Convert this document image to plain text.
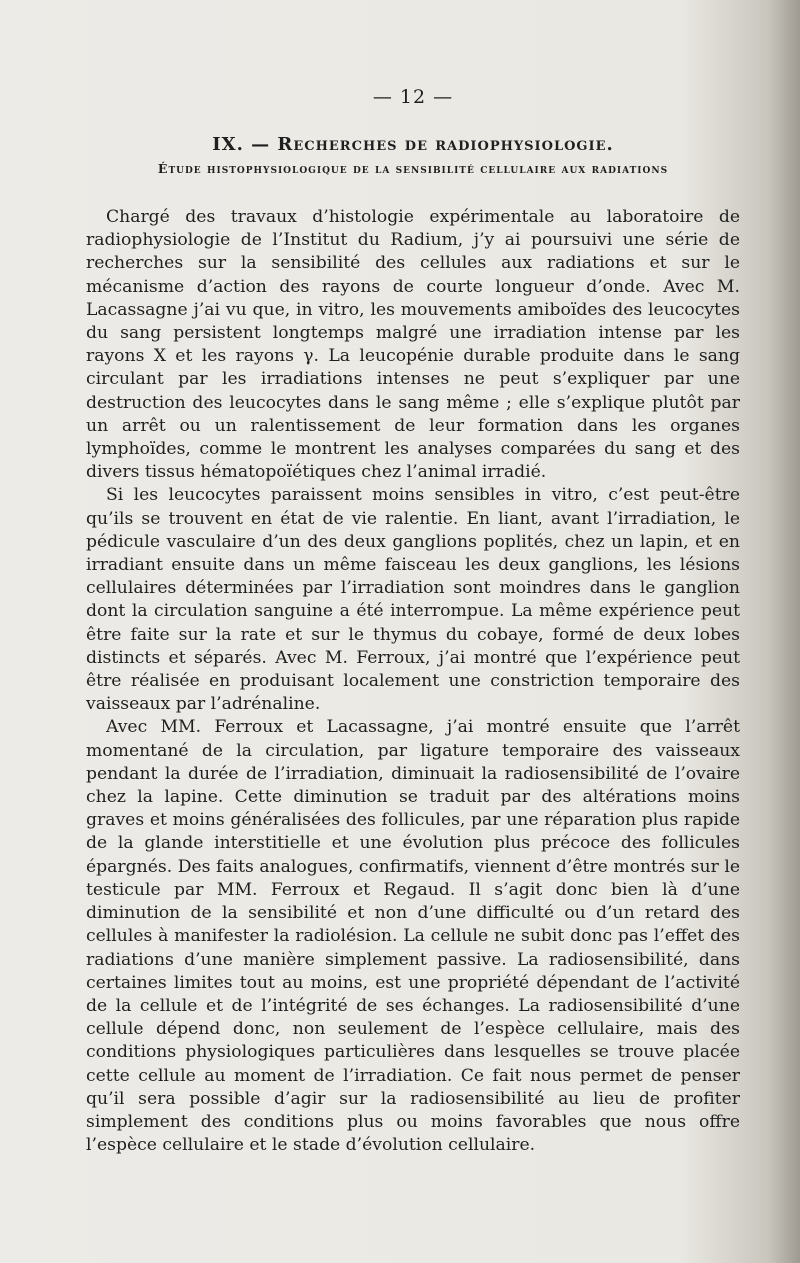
— 12 —
IX. — Recherches de radiophysiologie.
Étude histophysiologique de la sensibilité cellulaire aux radiations

Chargé des travaux d’histologie expérimentale au laboratoire de radiophysiologie de l’Institut du Radium, j’y ai poursuivi une série de recherches sur la sensibilité des cellules aux radiations et sur le mécanisme d’action des rayons de courte longueur d’onde. Avec M. Lacassagne j’ai vu que, in vitro, les mouvements amiboïdes des leucocytes du sang persistent longtemps malgré une irradiation intense par les rayons X et les rayons γ. La leucopénie durable produite dans le sang circulant par les irradiations intenses ne peut s’expliquer par une destruction des leucocytes dans le sang même ; elle s’explique plutôt par un arrêt ou un ralentissement de leur formation dans les organes lymphoïdes, comme le montrent les analyses comparées du sang et des divers tissus hématopoïétiques chez l’animal irradié.

Si les leucocytes paraissent moins sensibles in vitro, c’est peut-être qu’ils se trouvent en état de vie ralentie. En liant, avant l’irradiation, le pédicule vasculaire d’un des deux ganglions poplités, chez un lapin, et en irradiant ensuite dans un même faisceau les deux ganglions, les lésions cellulaires déterminées par l’irradiation sont moindres dans le ganglion dont la circulation sanguine a été interrompue. La même expérience peut être faite sur la rate et sur le thymus du cobaye, formé de deux lobes distincts et séparés. Avec M. Ferroux, j’ai montré que l’expérience peut être réalisée en produisant localement une constriction temporaire des vaisseaux par l’adrénaline.

Avec MM. Ferroux et Lacassagne, j’ai montré ensuite que l’arrêt momentané de la circulation, par ligature temporaire des vaisseaux pendant la durée de l’irradiation, diminuait la radiosensibilité de l’ovaire chez la lapine. Cette diminution se traduit par des altérations moins graves et moins généralisées des follicules, par une réparation plus rapide de la glande interstitielle et une évolution plus précoce des follicules épargnés. Des faits analogues, confirmatifs, viennent d’être montrés sur le testicule par MM. Ferroux et Regaud. Il s’agit donc bien là d’une diminution de la sensibilité et non d’une difficulté ou d’un retard des cellules à manifester la radiolésion. La cellule ne subit donc pas l’effet des radiations d’une manière simplement passive. La radiosensibilité, dans certaines limites tout au moins, est une propriété dépendant de l’activité de la cellule et de l’intégrité de ses échanges. La radiosensibilité d’une cellule dépend donc, non seulement de l’espèce cellulaire, mais des conditions physiologiques particulières dans lesquelles se trouve placée cette cellule au moment de l’irradiation. Ce fait nous permet de penser qu’il sera possible d’agir sur la radiosensibilité au lieu de profiter simplement des conditions plus ou moins favorables que nous offre l’espèce cellulaire et le stade d’évolution cellulaire.
